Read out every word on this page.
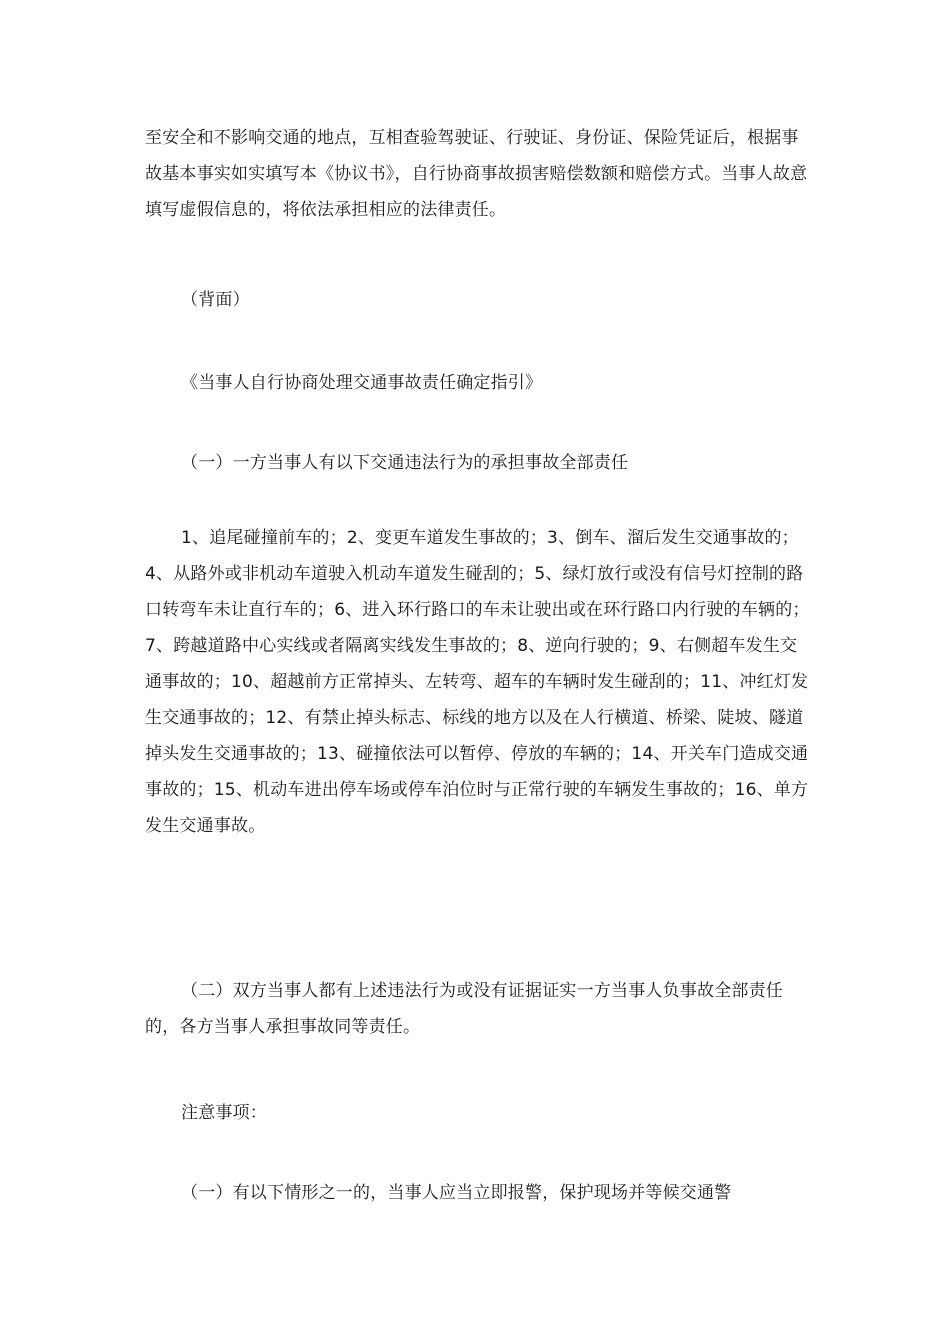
至安全和不影响交通的地点，互相查验驾驶证、行驶证、身份证、保险凭证后，根据事故基本事实如实填写本《协议书》，自行协商事故损害赔偿数额和赔偿方式。当事人故意填写虚假信息的，将依法承担相应的法律责任。
（背面）
《当事人自行协商处理交通事故责任确定指引》
（一）一方当事人有以下交通违法行为的承担事故全部责任
1、追尾碰撞前车的；2、变更车道发生事故的；3、倒车、溜后发生交通事故的；4、从路外或非机动车道驶入机动车道发生碰刮的；5、绿灯放行或没有信号灯控制的路口转弯车未让直行车的；6、进入环行路口的车未让驶出或在环行路口内行驶的车辆的；7、跨越道路中心实线或者隔离实线发生事故的；8、逆向行驶的；9、右侧超车发生交通事故的；10、超越前方正常掉头、左转弯、超车的车辆时发生碰刮的；11、冲红灯发生交通事故的；12、有禁止掉头标志、标线的地方以及在人行横道、桥梁、陡坡、隧道掉头发生交通事故的；13、碰撞依法可以暂停、停放的车辆的；14、开关车门造成交通事故的；15、机动车进出停车场或停车泊位时与正常行驶的车辆发生事故的；16、单方发生交通事故。
（二）双方当事人都有上述违法行为或没有证据证实一方当事人负事故全部责任的，各方当事人承担事故同等责任。
注意事项：
（一）有以下情形之一的，当事人应当立即报警，保护现场并等候交通警
